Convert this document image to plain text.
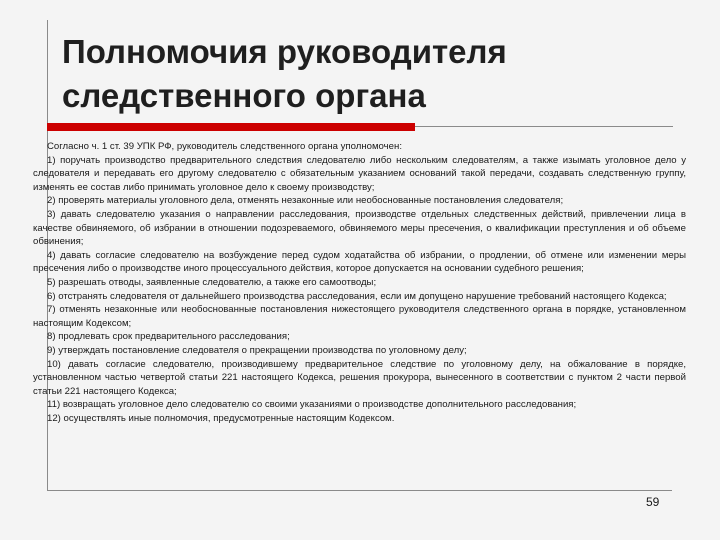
Полномочия руководителя
следственного органа

Согласно ч. 1 ст. 39 УПК РФ, руководитель следственного органа уполномочен:

1) поручать производство предварительного следствия следователю либо нескольким следователям, а также изымать уголовное дело у следователя и передавать его другому следователю с обязательным указанием оснований такой передачи, создавать следственную группу, изменять ее состав либо принимать уголовное дело к своему производству;

2) проверять материалы уголовного дела, отменять незаконные или необоснованные постановления следователя;

3) давать следователю указания о направлении расследования, производстве отдельных следственных действий, привлечении лица в качестве обвиняемого, об избрании в отношении подозреваемого, обвиняемого меры пресечения, о квалификации преступления и об объеме обвинения;

4) давать согласие следователю на возбуждение перед судом ходатайства об избрании, о продлении, об отмене или изменении меры пресечения либо о производстве иного процессуального действия, которое допускается на основании судебного решения;

5) разрешать отводы, заявленные следователю, а также его самоотводы;

6) отстранять следователя от дальнейшего производства расследования, если им допущено нарушение требований настоящего Кодекса;

7) отменять незаконные или необоснованные постановления нижестоящего руководителя следственного органа в порядке, установленном настоящим Кодексом;

8) продлевать срок предварительного расследования;

9) утверждать постановление следователя о прекращении производства по уголовному делу;

10) давать согласие следователю, производившему предварительное следствие по уголовному делу, на обжалование в порядке, установленном частью четвертой статьи 221 настоящего Кодекса, решения прокурора, вынесенного в соответствии с пунктом 2 части первой статьи 221 настоящего Кодекса;

11) возвращать уголовное дело следователю со своими указаниями о производстве дополнительного расследования;

12) осуществлять иные полномочия, предусмотренные настоящим Кодексом.

59
